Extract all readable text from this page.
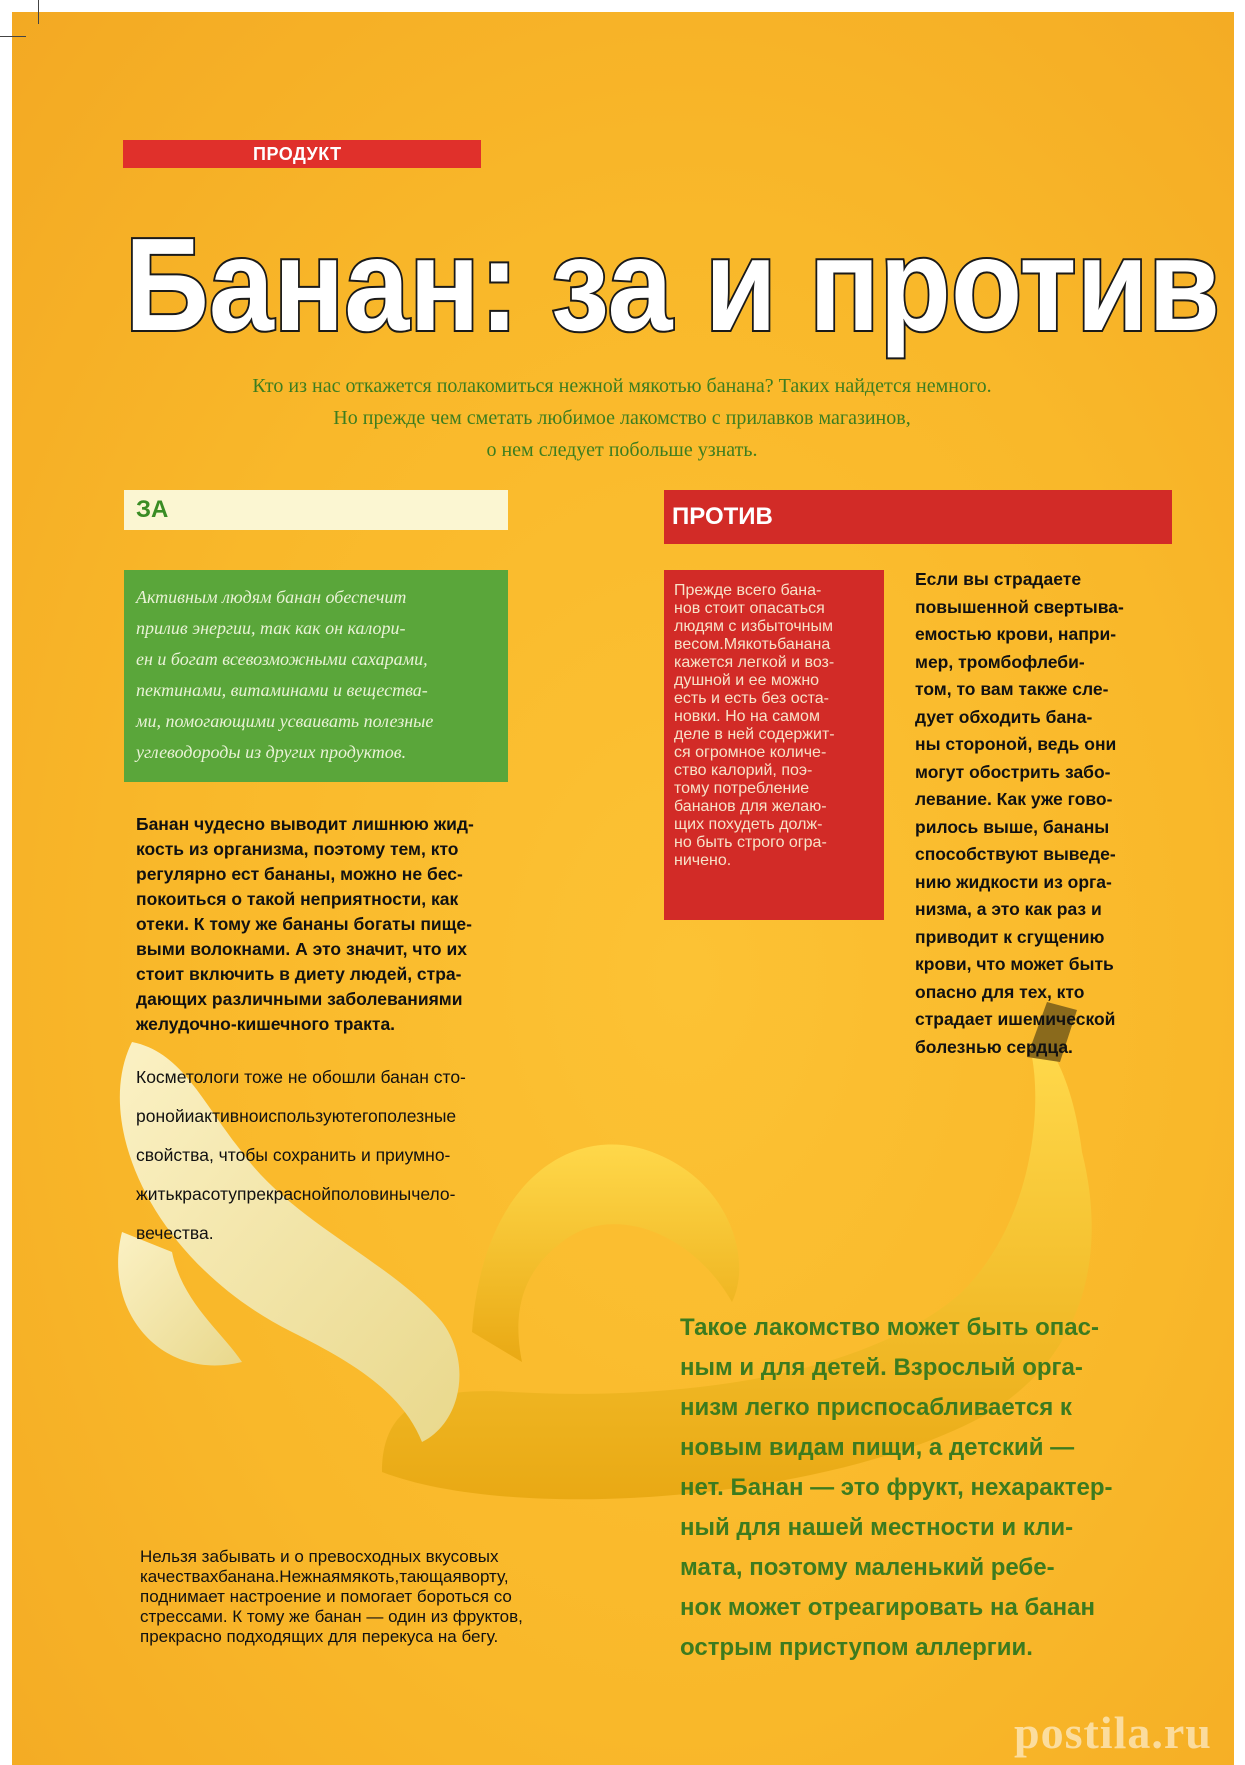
ПРОДУКТ
Банан: за и против
Кто из нас откажется полакомиться нежной мякотью банана? Таких найдется немного.
Но прежде чем сметать любимое лакомство с прилавков магазинов,
о нем следует побольше узнать.
ЗА	ПРОТИВ
Активным людям банан обеспечит
прилив энергии, так как он калори-
ен и богат всевозможными сахарами,
пектинами, витаминами и вещества-
ми, помогающими усваивать полезные
углеводороды из других продуктов.
Прежде всего бана-
нов стоит опасаться
людям с избыточным
весом.Мякотьбанана
кажется легкой и воз-
душной и ее можно
есть и есть без оста-
новки. Но на самом
деле в ней содержит-
ся огромное количе-
ство калорий, поэ-
тому потребление
бананов для желаю-
щих похудеть долж-
но быть строго огра-
ничено.
Если вы страдаете
повышенной свертыва-
емостью крови, напри-
мер, тромбофлеби-
том, то вам также сле-
дует обходить бана-
ны стороной, ведь они
могут обострить забо-
левание. Как уже гово-
рилось выше, бананы
способствуют выведе-
нию жидкости из орга-
низма, а это как раз и
приводит к сгущению
крови, что может быть
опасно для тех, кто
страдает ишемической
болезнью сердца.
Банан чудесно выводит лишнюю жид-
кость из организма, поэтому тем, кто
регулярно ест бананы, можно не бес-
покоиться о такой неприятности, как
отеки. К тому же бананы богаты пище-
выми волокнами. А это значит, что их
стоит включить в диету людей, стра-
дающих различными заболеваниями
желудочно-кишечного тракта.
Косметологи тоже не обошли банан сто-
ронойиактивноиспользуютегополезные
свойства, чтобы сохранить и приумно-
житькрасотупрекраснойполовинычело-
вечества.
Нельзя забывать и о превосходных вкусовых
качествахбанана.Нежнаямякоть,тающаяворту,
поднимает настроение и помогает бороться со
стрессами. К тому же банан — один из фруктов,
прекрасно подходящих для перекуса на бегу.
Такое лакомство может быть опас-
ным и для детей. Взрослый орга-
низм легко приспосабливается к
новым видам пищи, а детский —
нет. Банан — это фрукт, нехарактер-
ный для нашей местности и кли-
мата, поэтому маленький ребе-
нок может отреагировать на банан
острым приступом аллергии.
postila.ru
